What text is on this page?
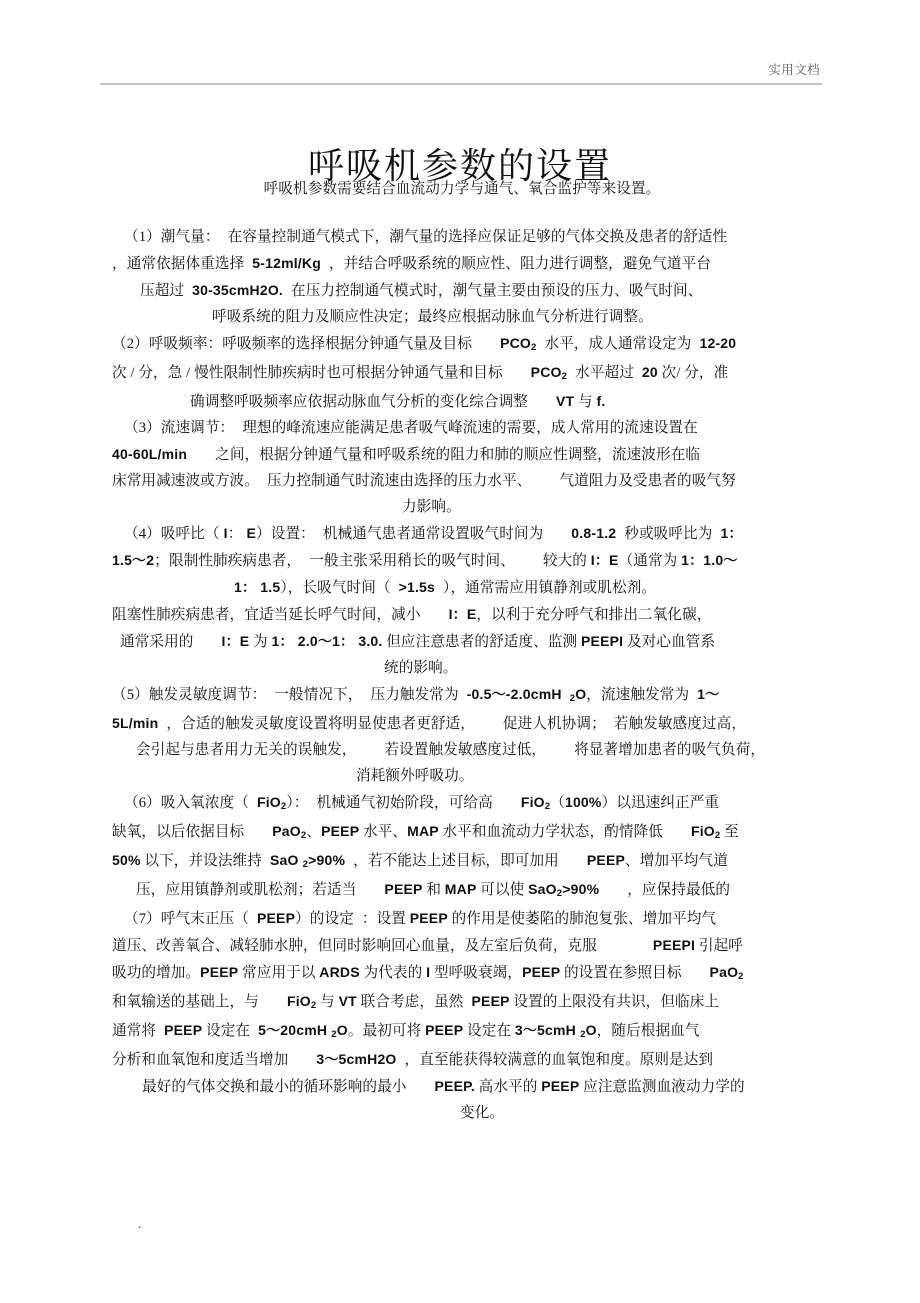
实用文档
呼吸机参数的设置

呼吸机参数需要结合血流动力学与通气、氧合监护等来设置。

（1）潮气量： 在容量控制通气模式下，潮气量的选择应保证足够的气体交换及患者的舒适性
，通常依据体重选择 5-12ml/Kg ，并结合呼吸系统的顺应性、阻力进行调整，避免气道平台
压超过 30-35cmH2O. 在压力控制通气模式时，潮气量主要由预设的压力、吸气时间、
呼吸系统的阻力及顺应性决定；最终应根据动脉血气分析进行调整。

（2）呼吸频率：呼吸频率的选择根据分钟通气量及目标 $PCO_2$ 水平，成人通常设定为 12-20
次 / 分，急 / 慢性限制性肺疾病时也可根据分钟通气量和目标 $PCO_2$ 水平超过 20 次/ 分，准
确调整呼吸频率应依据动脉血气分析的变化综合调整 VT 与 f.

（3）流速调节： 理想的峰流速应能满足患者吸气峰流速的需要，成人常用的流速设置在
40-60L/min 之间，根据分钟通气量和呼吸系统的阻力和肺的顺应性调整，流速波形在临
床常用减速波或方波。 压力控制通气时流速由选择的压力水平、 气道阻力及受患者的吸气努
力影响。

（4）吸呼比（ I： E）设置： 机械通气患者通常设置吸气时间为 0.8-1.2 秒或吸呼比为 1：
1.5～2；限制性肺疾病患者， 一般主张采用稍长的吸气时间、 较大的 I：E（通常为 1：1.0～
1： 1.5），长吸气时间（ >1.5s ），通常需应用镇静剂或肌松剂。

阻塞性肺疾病患者，宜适当延长呼气时间，减小 I：E，以利于充分呼气和排出二氧化碳，
通常采用的 I：E 为 1： 2.0～1： 3.0. 但应注意患者的舒适度、监测 PEEPI 及对心血管系
统的影响。

（5）触发灵敏度调节： 一般情况下， 压力触发常为 -0.5～-2.0cmH $_2$O，流速触发常为 1～
5L/min ，合适的触发灵敏度设置将明显使患者更舒适， 促进人机协调； 若触发敏感度过高，
会引起与患者用力无关的误触发， 若设置触发敏感度过低， 将显著增加患者的吸气负荷，
消耗额外呼吸功。

（6）吸入氧浓度（ FiO$_2$）： 机械通气初始阶段，可给高 FiO$_2$（100%）以迅速纠正严重
缺氧，以后依据目标 PaO$_2$、PEEP 水平、MAP 水平和血流动力学状态，酌情降低 FiO$_2$ 至
50% 以下，并设法维持 SaO $_2$>90% ，若不能达上述目标，即可加用 PEEP、增加平均气道
压，应用镇静剂或肌松剂；若适当 PEEP 和 MAP 可以使 SaO$_2$>90% ，应保持最低的

（7）呼气末正压（ PEEP）的设定 ：设置 PEEP 的作用是使萎陷的肺泡复张、增加平均气
道压、改善氧合、减轻肺水肿，但同时影响回心血量，及左室后负荷，克服	PEEPI 引起呼
吸功的增加。PEEP 常应用于以 ARDS 为代表的 I 型呼吸衰竭，PEEP 的设置在参照目标 PaO$_2$
和氧输送的基础上，与 FiO$_2$ 与 VT 联合考虑，虽然 PEEP 设置的上限没有共识，但临床上
通常将 PEEP 设定在 5～20cmH $_2$O。最初可将 PEEP 设定在 3～5cmH $_2$O，随后根据血气
分析和血氧饱和度适当增加 3～5cmH2O ，直至能获得较满意的血氧饱和度。原则是达到
最好的气体交换和最小的循环影响的最小 PEEP. 高水平的 PEEP 应注意监测血液动力学的
变化。

.
